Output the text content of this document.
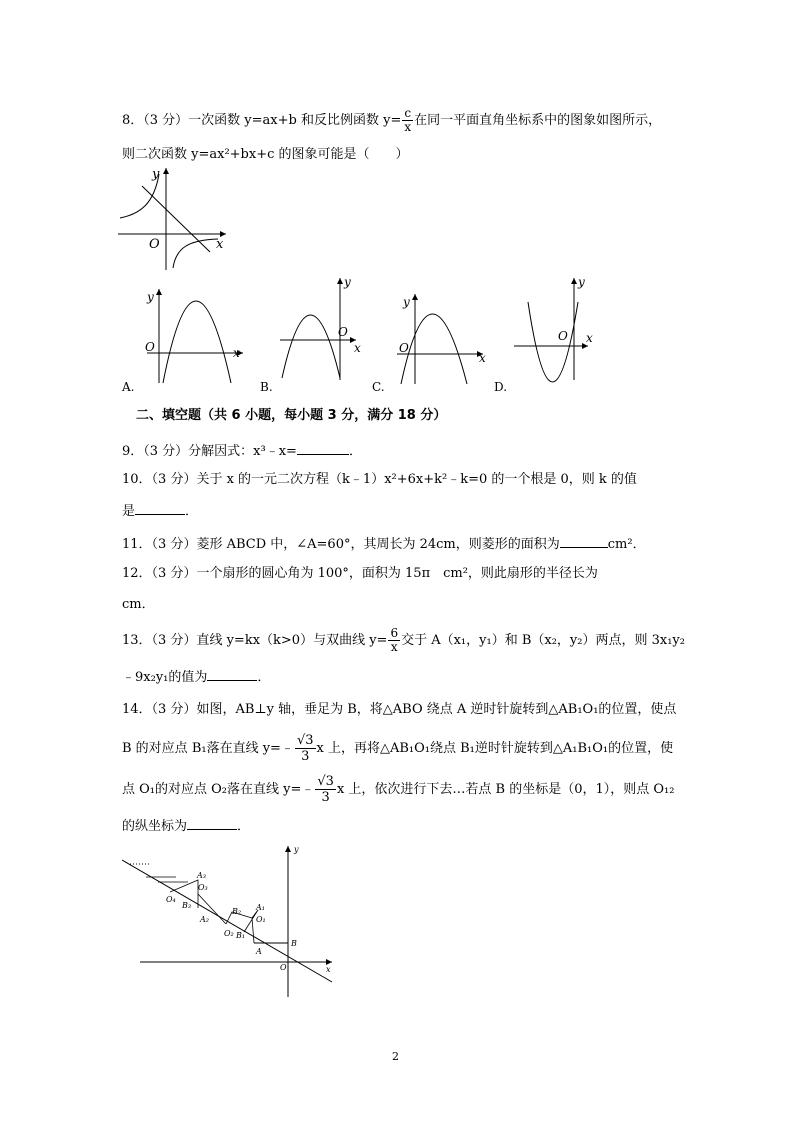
8．（3 分）一次函数 y=ax+b 和反比例函数 $y= \frac{c}{x}$ 在同一平面直角坐标系中的图象如图所示，
则二次函数 y=ax²+bx+c 的图象可能是（　　）
x
y
O
x
y
O
A.
x
y
O
B.
x
y
O
C.
x
y
O
D.
二、填空题（共 6 小题，每小题 3 分，满分 18 分）
9．（3 分）分解因式：x³﹣x=	．
10．（3 分）关于 x 的一元二次方程（k﹣1）x²+6x+k²﹣k=0 的一个根是 0，则 k 的值
是	．
11．（3 分）菱形 ABCD 中，∠A=60°，其周长为 24cm，则菱形的面积为	cm²．
12．（3 分）一个扇形的圆心角为 100°，面积为 15π　cm²，则此扇形的半径长为
cm．
13．（3 分）直线 y=kx（k>0）与双曲线 $y= \frac{6}{x}$ 交于 A（x₁，y₁）和 B（x₂，y₂）两点，则 3x₁y₂
﹣9x₂y₁的值为	．
14．（3 分）如图，AB⊥y 轴，垂足为 B，将△ABO 绕点 A 逆时针旋转到△AB₁O₁的位置，使点
B 的对应点 B₁落在直线 y=﹣ $\frac{√3}{3}$ x 上，再将△AB₁O₁绕点 B₁逆时针旋转到△A₁B₁O₁的位置，使
点 O₁的对应点 O₂落在直线 y=﹣ $\frac{√3}{3}$ x 上，依次进行下去…若点 B 的坐标是（0，1），则点 O₁₂
的纵坐标为	．
A₃
O₃
O₄
B₃
B₂
A₂
A₁
O₁
O₂ B₁
A
B
O	x
y
2
